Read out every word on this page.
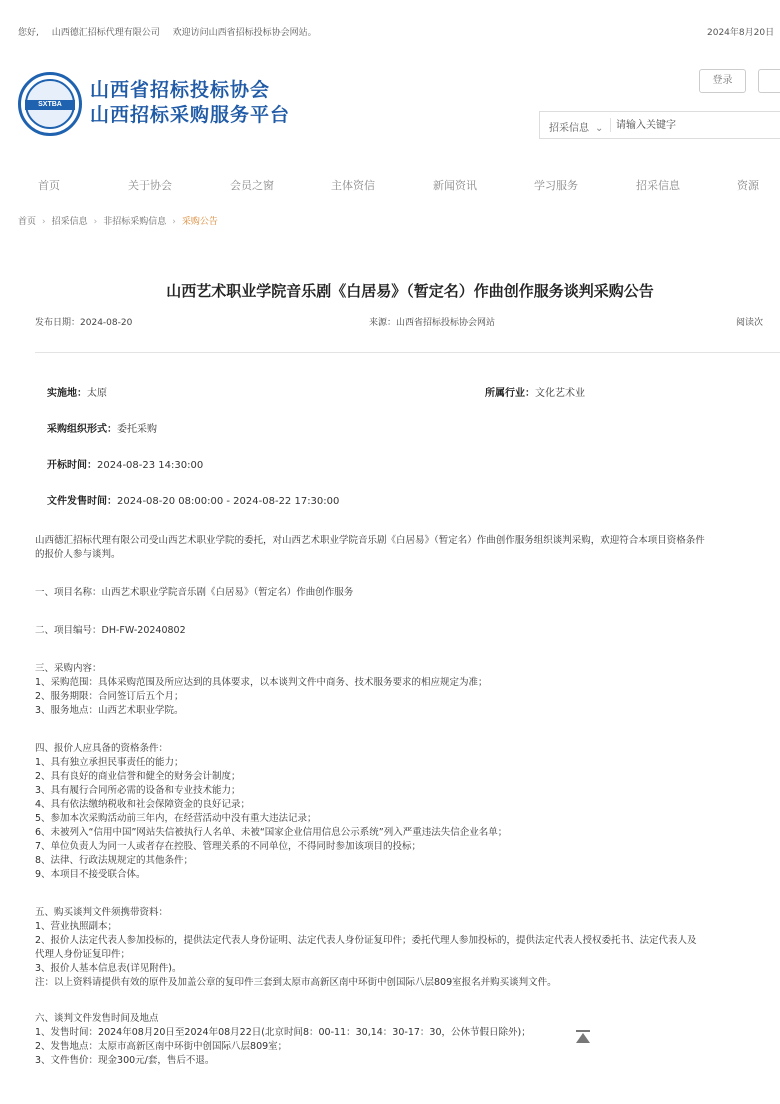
您好, 山西德汇招标代理有限公司 欢迎访问山西省招标投标协会网站。	2024年8月20日
SXTBA
山西省招标投标协会
山西招标采购服务平台
登录
招采信息 ⌄
请输入关键字
首页	关于协会	会员之窗	主体资信	新闻资讯	学习服务	招采信息	资源
首页 › 招采信息 › 非招标采购信息 › 采购公告
山西艺术职业学院音乐剧《白居易》（暂定名）作曲创作服务谈判采购公告
发布日期：2024-08-20	来源：山西省招标投标协会网站	阅读次
实施地：太原	所属行业：文化艺术业
采购组织形式：委托采购
开标时间：2024-08-23 14:30:00
文件发售时间：2024-08-20 08:00:00 - 2024-08-22 17:30:00
山西德汇招标代理有限公司受山西艺术职业学院的委托，对山西艺术职业学院音乐剧《白居易》（暂定名）作曲创作服务组织谈判采购，欢迎符合本项目资格条件
的报价人参与谈判。
一、项目名称：山西艺术职业学院音乐剧《白居易》（暂定名）作曲创作服务
二、项目编号：DH-FW-20240802
三、采购内容：
1、采购范围：具体采购范围及所应达到的具体要求，以本谈判文件中商务、技术服务要求的相应规定为准；
2、服务期限：合同签订后五个月；
3、服务地点：山西艺术职业学院。
四、报价人应具备的资格条件：
1、具有独立承担民事责任的能力；
2、具有良好的商业信誉和健全的财务会计制度；
3、具有履行合同所必需的设备和专业技术能力；
4、具有依法缴纳税收和社会保障资金的良好记录；
5、参加本次采购活动前三年内，在经营活动中没有重大违法记录；
6、未被列入“信用中国”网站失信被执行人名单、未被“国家企业信用信息公示系统”列入严重违法失信企业名单；
7、单位负责人为同一人或者存在控股、管理关系的不同单位，不得同时参加该项目的投标；
8、法律、行政法规规定的其他条件；
9、本项目不接受联合体。
五、购买谈判文件须携带资料：
1、营业执照副本；
2、报价人法定代表人参加投标的，提供法定代表人身份证明、法定代表人身份证复印件；委托代理人参加投标的，提供法定代表人授权委托书、法定代表人及
代理人身份证复印件；
3、报价人基本信息表(详见附件)。
注：以上资料请提供有效的原件及加盖公章的复印件三套到太原市高新区南中环街中创国际八层809室报名并购买谈判文件。
六、谈判文件发售时间及地点
1、发售时间：2024年08月20日至2024年08月22日(北京时间8：00-11：30,14：30-17：30，公休节假日除外)；
2、发售地点：太原市高新区南中环街中创国际八层809室；
3、文件售价：现金300元/套，售后不退。
